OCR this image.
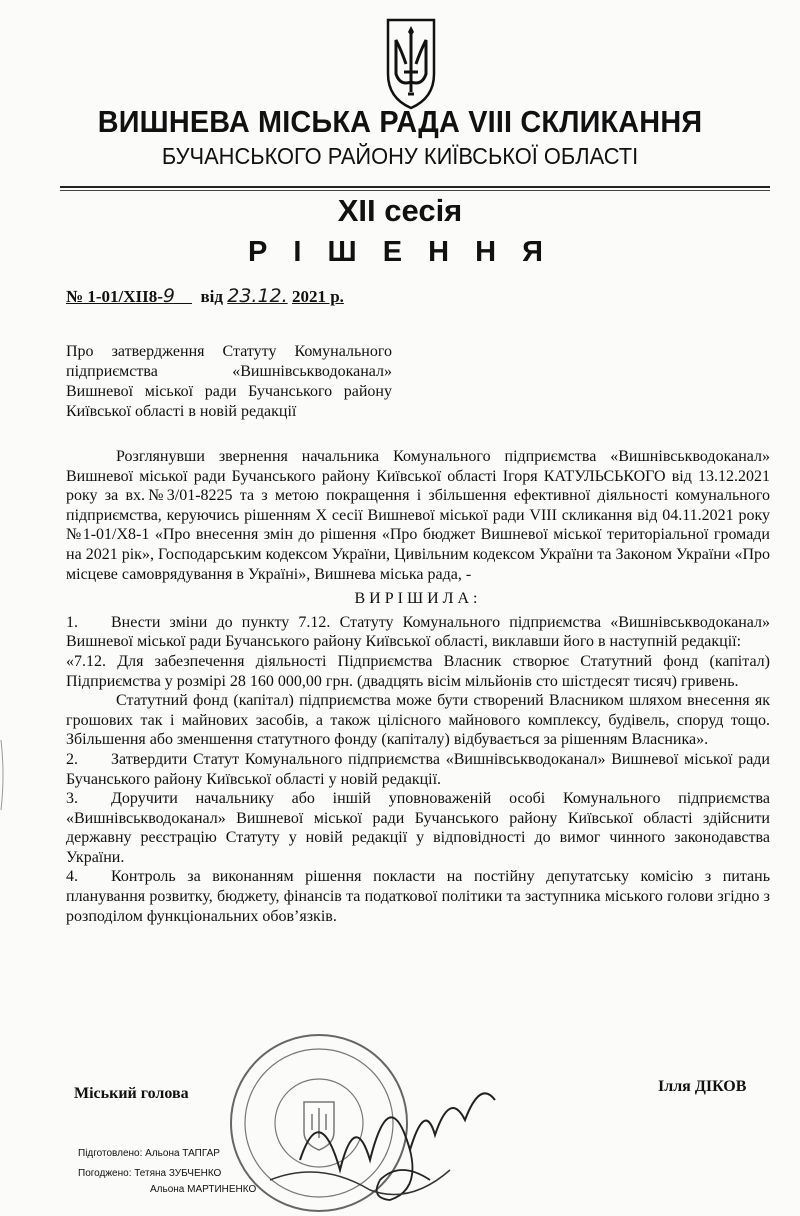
ВИШНЕВА МІСЬКА РАДА VIII СКЛИКАННЯ
БУЧАНСЬКОГО РАЙОНУ КИЇВСЬКОЇ ОБЛАСТІ
XII сесія
Р І Ш Е Н Н Я
№ 1-01/XII8-9 від 23.12. 2021 р.
Про затвердження Статуту Комунального підприємства «Вишнівськводоканал» Вишневої міської ради Бучанського району Київської області в новій редакції

Розглянувши звернення начальника Комунального підприємства «Вишнівськводоканал» Вишневої міської ради Бучанського району Київської області Ігоря КАТУЛЬСЬКОГО від 13.12.2021 року за вх.№3/01-8225 та з метою покращення і збільшення ефективної діяльності комунального підприємства, керуючись рішенням X сесії Вишневої міської ради VIII скликання від 04.11.2021 року №1-01/X8-1 «Про внесення змін до рішення «Про бюджет Вишневої міської територіальної громади на 2021 рік», Господарським кодексом України, Цивільним кодексом України та Законом України «Про місцеве самоврядування в Україні», Вишнева міська рада, -

ВИРІШИЛА:

1. Внести зміни до пункту 7.12. Статуту Комунального підприємства «Вишнівськводоканал» Вишневої міської ради Бучанського району Київської області, виклавши його в наступній редакції:

«7.12. Для забезпечення діяльності Підприємства Власник створює Статутний фонд (капітал) Підприємства у розмірі 28 160 000,00 грн. (двадцять вісім мільйонів сто шістдесят тисяч) гривень.

Статутний фонд (капітал) підприємства може бути створений Власником шляхом внесення як грошових так і майнових засобів, а також цілісного майнового комплексу, будівель, споруд тощо. Збільшення або зменшення статутного фонду (капіталу) відбувається за рішенням Власника».

2. Затвердити Статут Комунального підприємства «Вишнівськводоканал» Вишневої міської ради Бучанського району Київської області у новій редакції.

3. Доручити начальнику або іншій уповноваженій особі Комунального підприємства «Вишнівськводоканал» Вишневої міської ради Бучанського району Київської області здійснити державну реєстрацію Статуту у новій редакції у відповідності до вимог чинного законодавства України.

4. Контроль за виконанням рішення покласти на постійну депутатську комісію з питань планування розвитку, бюджету, фінансів та податкової політики та заступника міського голови згідно з розподілом функціональних обов’язків.

Міський голова	Ілля ДІКОВ
Підготовлено: Альона ТАПГАР
Погоджено: Тетяна ЗУБЧЕНКО
Альона МАРТИНЕНКО
